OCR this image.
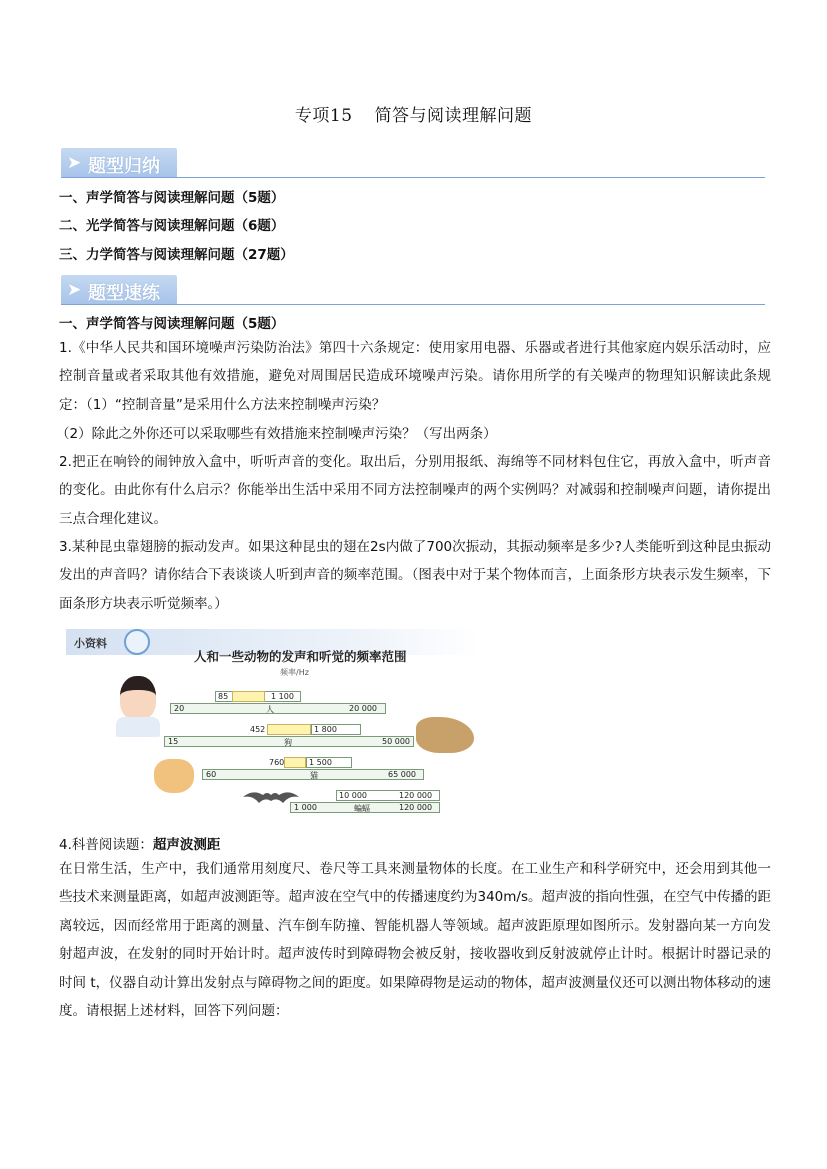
专项15 简答与阅读理解问题
➤ 题型归纳
一、声学简答与阅读理解问题（5题）
二、光学简答与阅读理解问题（6题）
三、力学简答与阅读理解问题（27题）
➤ 题型速练
一、声学简答与阅读理解问题（5题）
1.《中华人民共和国环境噪声污染防治法》第四十六条规定：使用家用电器、乐器或者进行其他家庭内娱乐活动时，应控制音量或者采取其他有效措施，避免对周围居民造成环境噪声污染。请你用所学的有关噪声的物理知识解读此条规定：（1）“控制音量”是采用什么方法来控制噪声污染？
（2）除此之外你还可以采取哪些有效措施来控制噪声污染？（写出两条）
2.把正在响铃的闹钟放入盒中，听听声音的变化。取出后，分别用报纸、海绵等不同材料包住它，再放入盒中，听声音的变化。由此你有什么启示？你能举出生活中采用不同方法控制噪声的两个实例吗？对减弱和控制噪声问题，请你提出三点合理化建议。
3.某种昆虫靠翅膀的振动发声。如果这种昆虫的翅在2s内做了700次振动，其振动频率是多少?人类能听到这种昆虫振动发出的声音吗？请你结合下表谈谈人听到声音的频率范围。（图表中对于某个物体而言，上面条形方块表示发生频率，下面条形方块表示听觉频率。）
小资料
人和一些动物的发声和听觉的频率范围
频率/Hz
85	1 100
20	人	20 000
452	1 800
15	狗	50 000
760	1 500
60	猫	65 000
10 000	120 000
1 000	蝙蝠	120 000
4.科普阅读题：超声波测距
在日常生活，生产中，我们通常用刻度尺、卷尺等工具来测量物体的长度。在工业生产和科学研究中，还会用到其他一些技术来测量距离，如超声波测距等。超声波在空气中的传播速度约为340m/s。超声波的指向性强，在空气中传播的距离较远，因而经常用于距离的测量、汽车倒车防撞、智能机器人等领域。超声波距原理如图所示。发射器向某一方向发射超声波，在发射的同时开始计时。超声波传时到障碍物会被反射，接收器收到反射波就停止计时。根据计时器记录的时间 t，仪器自动计算出发射点与障碍物之间的距度。如果障碍物是运动的物体，超声波测量仪还可以测出物体移动的速度。请根据上述材料，回答下列问题：
